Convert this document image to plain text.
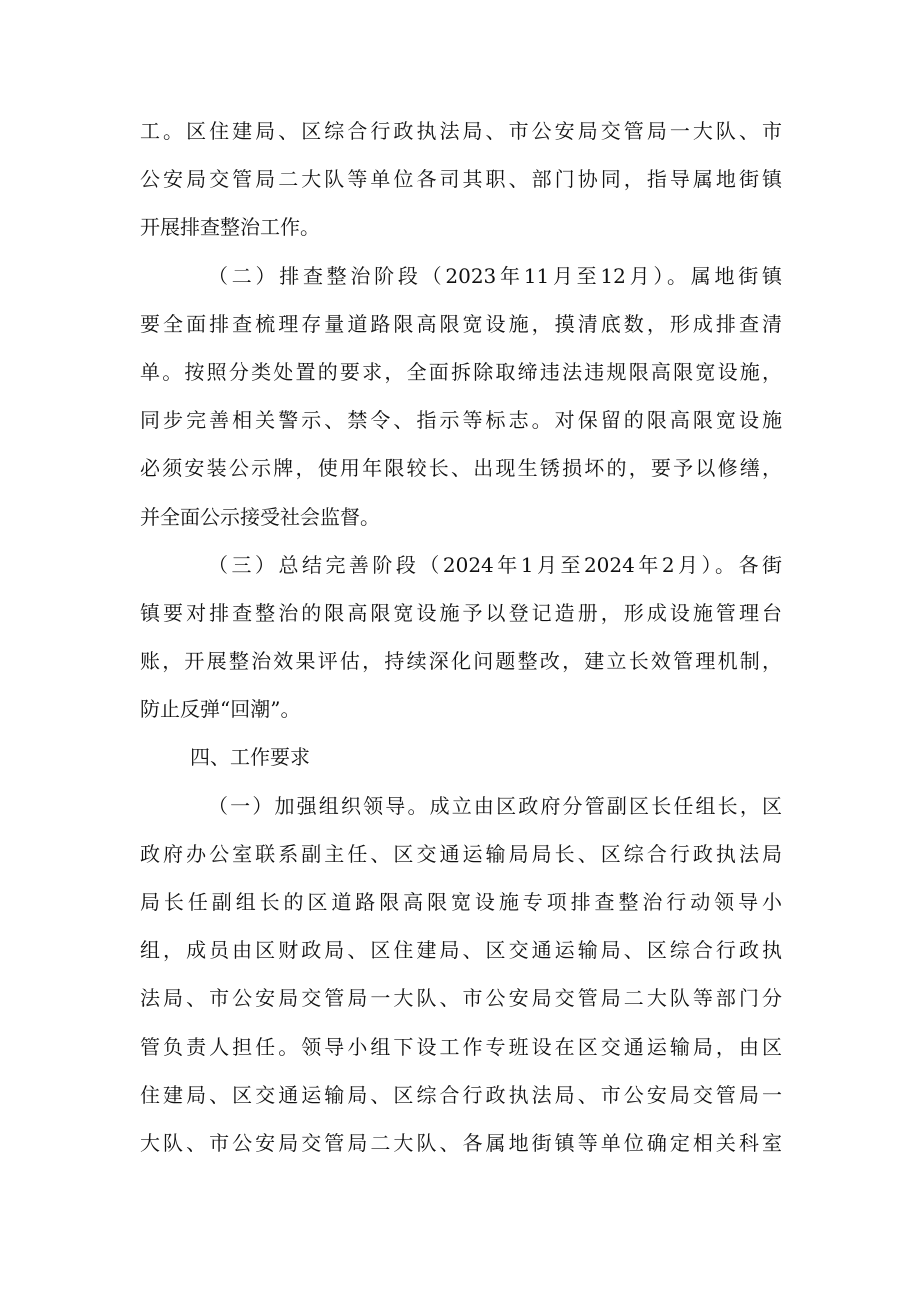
工。区住建局、区综合行政执法局、市公安局交管局一大队、市
公安局交管局二大队等单位各司其职、部门协同，指导属地街镇
开展排查整治工作。
（二）排查整治阶段（2023年11月至12月）。属地街镇
要全面排查梳理存量道路限高限宽设施，摸清底数，形成排查清
单。按照分类处置的要求，全面拆除取缔违法违规限高限宽设施，
同步完善相关警示、禁令、指示等标志。对保留的限高限宽设施
必须安装公示牌，使用年限较长、出现生锈损坏的，要予以修缮，
并全面公示接受社会监督。
（三）总结完善阶段（2024年1月至2024年2月）。各街
镇要对排查整治的限高限宽设施予以登记造册，形成设施管理台
账，开展整治效果评估，持续深化问题整改，建立长效管理机制，
防止反弹“回潮”。
四、工作要求
（一）加强组织领导。成立由区政府分管副区长任组长，区
政府办公室联系副主任、区交通运输局局长、区综合行政执法局
局长任副组长的区道路限高限宽设施专项排查整治行动领导小
组，成员由区财政局、区住建局、区交通运输局、区综合行政执
法局、市公安局交管局一大队、市公安局交管局二大队等部门分
管负责人担任。领导小组下设工作专班设在区交通运输局，由区
住建局、区交通运输局、区综合行政执法局、市公安局交管局一
大队、市公安局交管局二大队、各属地街镇等单位确定相关科室
